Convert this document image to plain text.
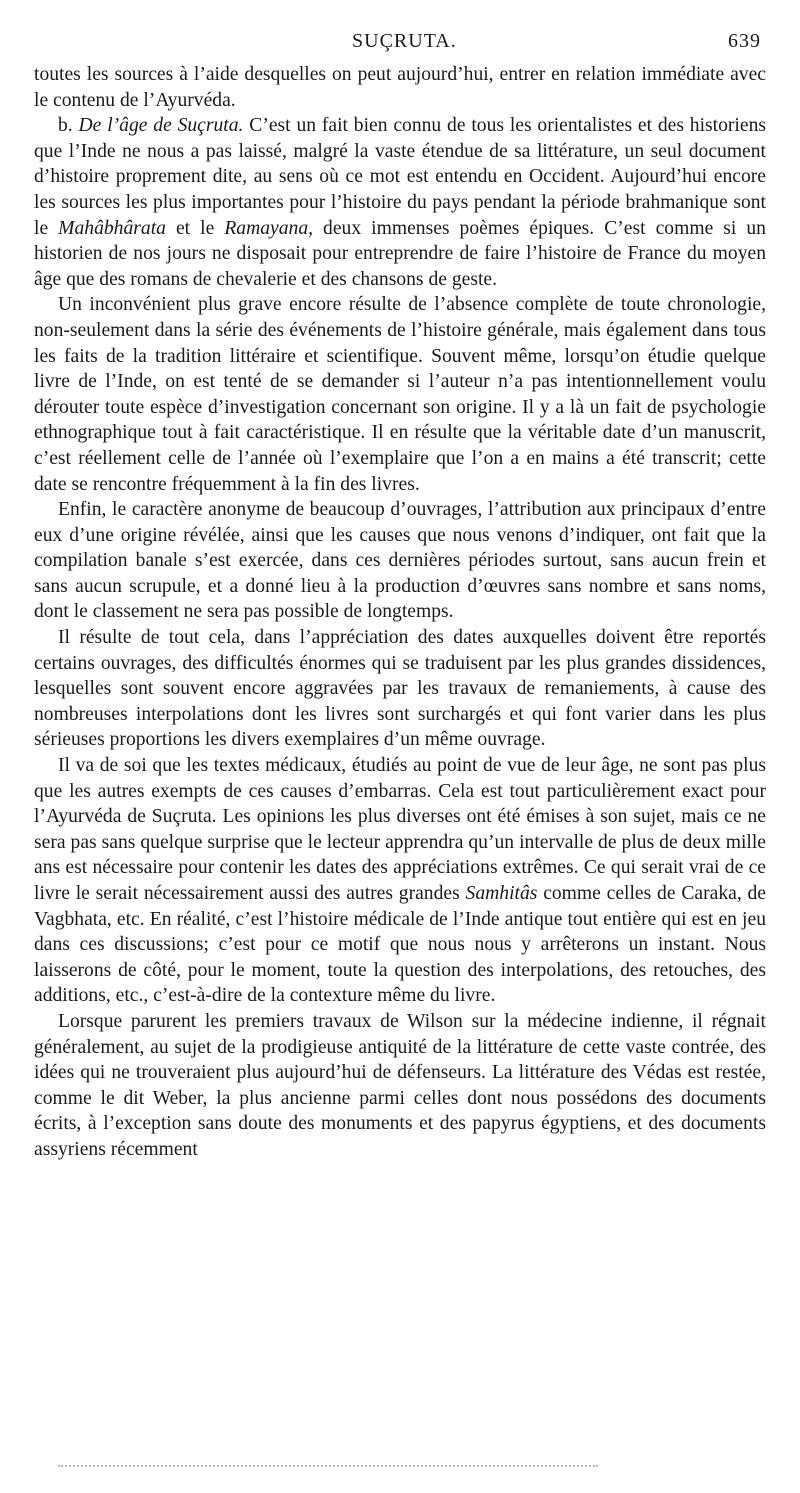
SUÇRUTA.	639

toutes les sources à l’aide desquelles on peut aujourd’hui, entrer en relation immédiate avec le contenu de l’Ayurvéda.

b. De l’âge de Suçruta. C’est un fait bien connu de tous les orientalistes et des historiens que l’Inde ne nous a pas laissé, malgré la vaste étendue de sa littérature, un seul document d’histoire proprement dite, au sens où ce mot est entendu en Occident. Aujourd’hui encore les sources les plus importantes pour l’histoire du pays pendant la période brahmanique sont le Mahâbhârata et le Ramayana, deux immenses poèmes épiques. C’est comme si un historien de nos jours ne disposait pour entreprendre de faire l’histoire de France du moyen âge que des romans de chevalerie et des chansons de geste.

Un inconvénient plus grave encore résulte de l’absence complète de toute chronologie, non-seulement dans la série des événements de l’histoire générale, mais également dans tous les faits de la tradition littéraire et scientifique. Souvent même, lorsqu’on étudie quelque livre de l’Inde, on est tenté de se demander si l’auteur n’a pas intentionnellement voulu dérouter toute espèce d’investigation concernant son origine. Il y a là un fait de psychologie ethnographique tout à fait caractéristique. Il en résulte que la véritable date d’un manuscrit, c’est réellement celle de l’année où l’exemplaire que l’on a en mains a été transcrit; cette date se rencontre fréquemment à la fin des livres.

Enfin, le caractère anonyme de beaucoup d’ouvrages, l’attribution aux principaux d’entre eux d’une origine révélée, ainsi que les causes que nous venons d’indiquer, ont fait que la compilation banale s’est exercée, dans ces dernières périodes surtout, sans aucun frein et sans aucun scrupule, et a donné lieu à la production d’œuvres sans nombre et sans noms, dont le classement ne sera pas possible de longtemps.

Il résulte de tout cela, dans l’appréciation des dates auxquelles doivent être reportés certains ouvrages, des difficultés énormes qui se traduisent par les plus grandes dissidences, lesquelles sont souvent encore aggravées par les travaux de remaniements, à cause des nombreuses interpolations dont les livres sont surchargés et qui font varier dans les plus sérieuses proportions les divers exemplaires d’un même ouvrage.

Il va de soi que les textes médicaux, étudiés au point de vue de leur âge, ne sont pas plus que les autres exempts de ces causes d’embarras. Cela est tout particulièrement exact pour l’Ayurvéda de Suçruta. Les opinions les plus diverses ont été émises à son sujet, mais ce ne sera pas sans quelque surprise que le lecteur apprendra qu’un intervalle de plus de deux mille ans est nécessaire pour contenir les dates des appréciations extrêmes. Ce qui serait vrai de ce livre le serait nécessairement aussi des autres grandes Samhitâs comme celles de Caraka, de Vagbhata, etc. En réalité, c’est l’histoire médicale de l’Inde antique tout entière qui est en jeu dans ces discussions; c’est pour ce motif que nous nous y arrêterons un instant. Nous laisserons de côté, pour le moment, toute la question des interpolations, des retouches, des additions, etc., c’est-à-dire de la contexture même du livre.

Lorsque parurent les premiers travaux de Wilson sur la médecine indienne, il régnait généralement, au sujet de la prodigieuse antiquité de la littérature de cette vaste contrée, des idées qui ne trouveraient plus aujourd’hui de défenseurs. La littérature des Védas est restée, comme le dit Weber, la plus ancienne parmi celles dont nous possédons des documents écrits, à l’exception sans doute des monuments et des papyrus égyptiens, et des documents assyriens récemment
